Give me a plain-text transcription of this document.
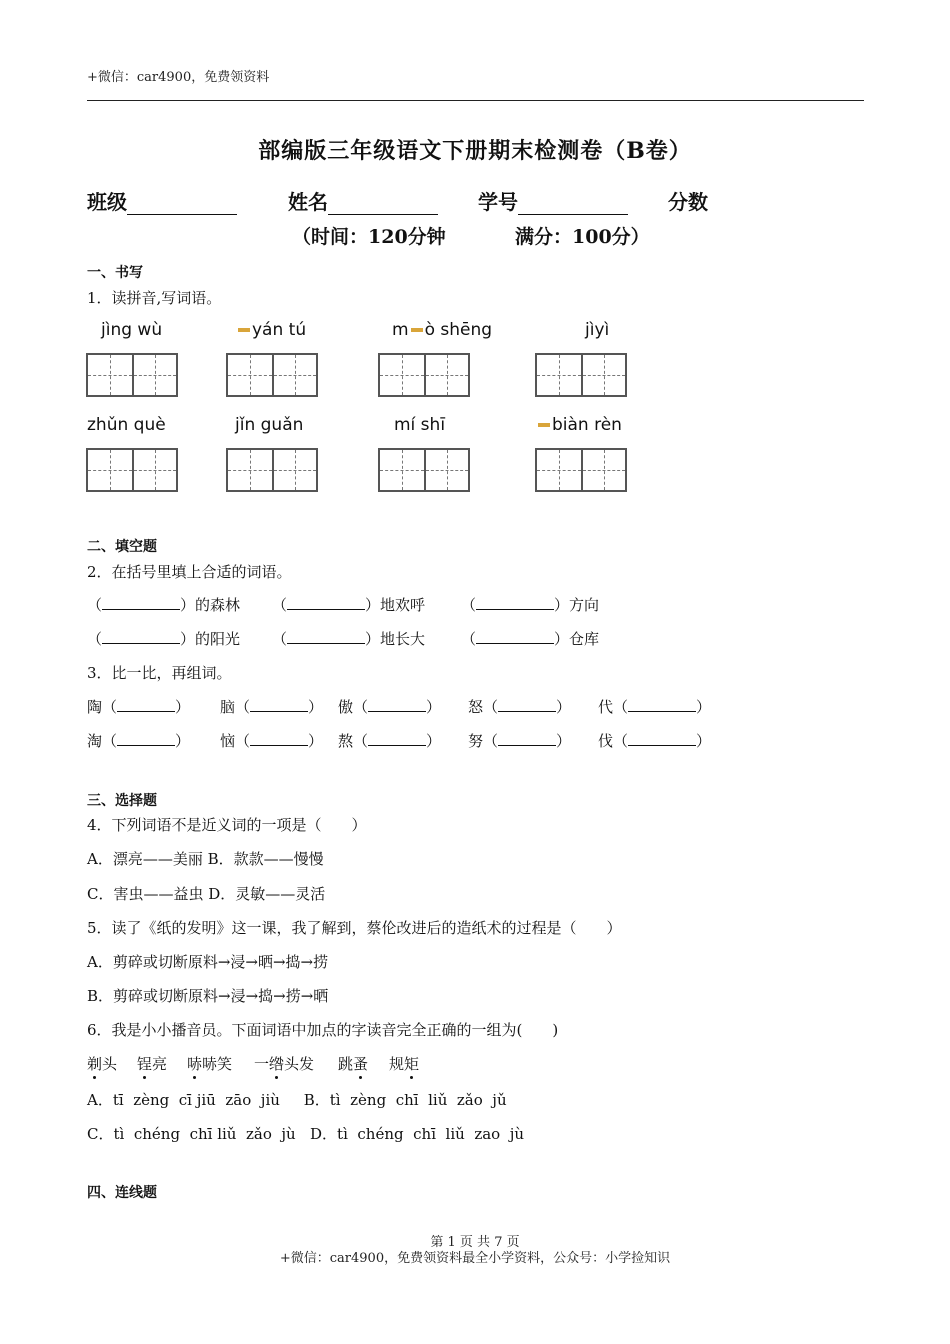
+微信：car4900，免费领资料
部编版三年级语文下册期末检测卷（B卷）
班级	姓名	学号	分数
（时间：120分钟	满分：100分）
一、书写
1．读拼音,写词语。
jìng wù	yán tú	m ò shēng	jìyì
zhǔn què	jǐn guǎn	mí shī	biàn rèn
二、填空题
2．在括号里填上合适的词语。
（	）的森林 （	）地欢呼 （	）方向
（	）的阳光 （	）地长大 （	）仓库
3．比一比，再组词。
陶（	） 脑（	） 傲（	） 怒（	） 代（	）
淘（	） 恼（	） 熬（	） 努（	） 伐（	）
三、选择题
4．下列词语不是近义词的一项是（　　）
A．漂亮——美丽 B．款款——慢慢
C．害虫——益虫 D．灵敏——灵活
5．读了《纸的发明》这一课，我了解到，蔡伦改进后的造纸术的过程是（　　）
A．剪碎或切断原料→浸→晒→捣→捞
B．剪碎或切断原料→浸→捣→捞→晒
6．我是小小播音员。下面词语中加点的字读音完全正确的一组为(　　)
剃头 锃亮 哧哧笑 一绺头发 跳蚤 规矩
A．tī  zèng  cī jiū  zāo  jiù     B．tì  zèng  chī  liǔ  zǎo  jǔ
C．tì  chéng  chī liǔ  zǎo  jù   D．tì  chéng  chī  liǔ  zao  jù
四、连线题
第 1 页 共 7 页
+微信：car4900，免费领资料最全小学资料，公众号：小学捡知识
